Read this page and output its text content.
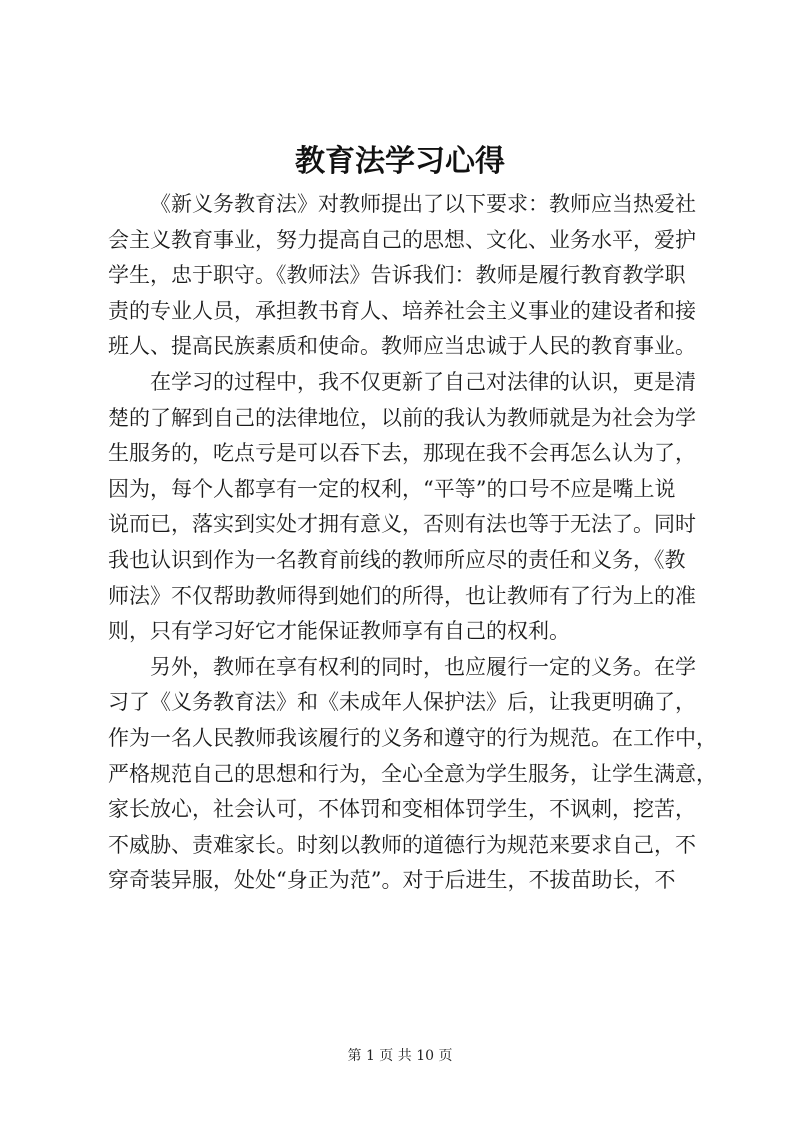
教育法学习心得
《新义务教育法》对教师提出了以下要求：教师应当热爱社
会主义教育事业，努力提高自己的思想、文化、业务水平，爱护
学生，忠于职守。《教师法》告诉我们：教师是履行教育教学职
责的专业人员，承担教书育人、培养社会主义事业的建设者和接
班人、提高民族素质和使命。教师应当忠诚于人民的教育事业。
在学习的过程中，我不仅更新了自己对法律的认识，更是清
楚的了解到自己的法律地位，以前的我认为教师就是为社会为学
生服务的，吃点亏是可以吞下去，那现在我不会再怎么认为了，
因为，每个人都享有一定的权利，“平等”的口号不应是嘴上说
说而已，落实到实处才拥有意义，否则有法也等于无法了。同时
我也认识到作为一名教育前线的教师所应尽的责任和义务，《教
师法》不仅帮助教师得到她们的所得，也让教师有了行为上的准
则，只有学习好它才能保证教师享有自己的权利。
另外，教师在享有权利的同时，也应履行一定的义务。在学
习了《义务教育法》和《未成年人保护法》后，让我更明确了，
作为一名人民教师我该履行的义务和遵守的行为规范。在工作中，
严格规范自己的思想和行为，全心全意为学生服务，让学生满意，
家长放心，社会认可，不体罚和变相体罚学生，不讽刺，挖苦，
不威胁、责难家长。时刻以教师的道德行为规范来要求自己，不
穿奇装异服，处处“身正为范”。对于后进生，不拔苗助长，不
第 1 页 共 10 页
